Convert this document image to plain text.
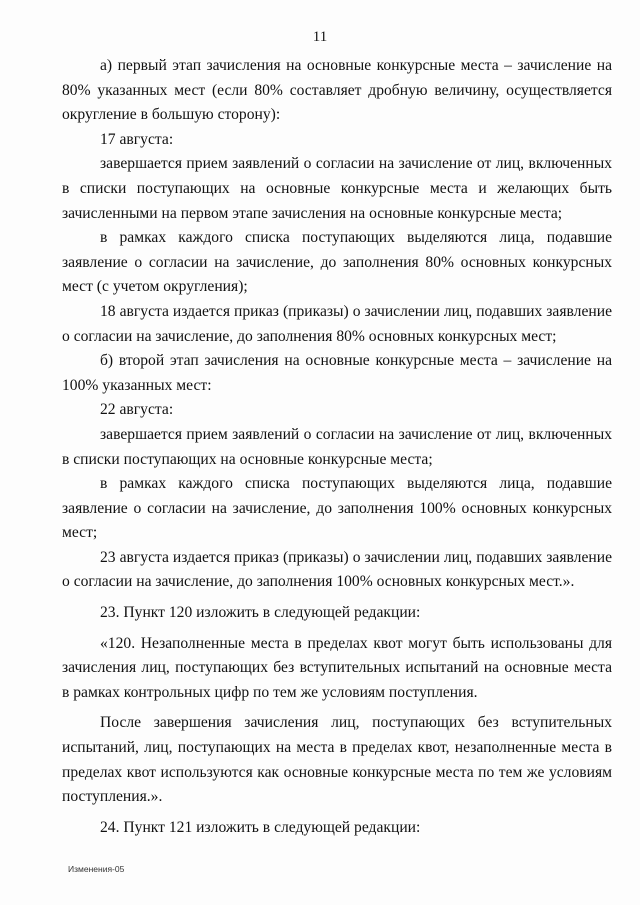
11

а) первый этап зачисления на основные конкурсные места – зачисление на 80% указанных мест (если 80% составляет дробную величину, осуществляется округление в большую сторону):

17 августа:

завершается прием заявлений о согласии на зачисление от лиц, включенных в списки поступающих на основные конкурсные места и желающих быть зачисленными на первом этапе зачисления на основные конкурсные места;

в рамках каждого списка поступающих выделяются лица, подавшие заявление о согласии на зачисление, до заполнения 80% основных конкурсных мест (с учетом округления);

18 августа издается приказ (приказы) о зачислении лиц, подавших заявление о согласии на зачисление, до заполнения 80% основных конкурсных мест;

б) второй этап зачисления на основные конкурсные места – зачисление на 100% указанных мест:

22 августа:

завершается прием заявлений о согласии на зачисление от лиц, включенных в списки поступающих на основные конкурсные места;

в рамках каждого списка поступающих выделяются лица, подавшие заявление о согласии на зачисление, до заполнения 100% основных конкурсных мест;

23 августа издается приказ (приказы) о зачислении лиц, подавших заявление о согласии на зачисление, до заполнения 100% основных конкурсных мест.».

23. Пункт 120 изложить в следующей редакции:

«120. Незаполненные места в пределах квот могут быть использованы для зачисления лиц, поступающих без вступительных испытаний на основные места в рамках контрольных цифр по тем же условиям поступления.

После завершения зачисления лиц, поступающих без вступительных испытаний, лиц, поступающих на места в пределах квот, незаполненные места в пределах квот используются как основные конкурсные места по тем же условиям поступления.».

24. Пункт 121 изложить в следующей редакции:

Изменения-05
